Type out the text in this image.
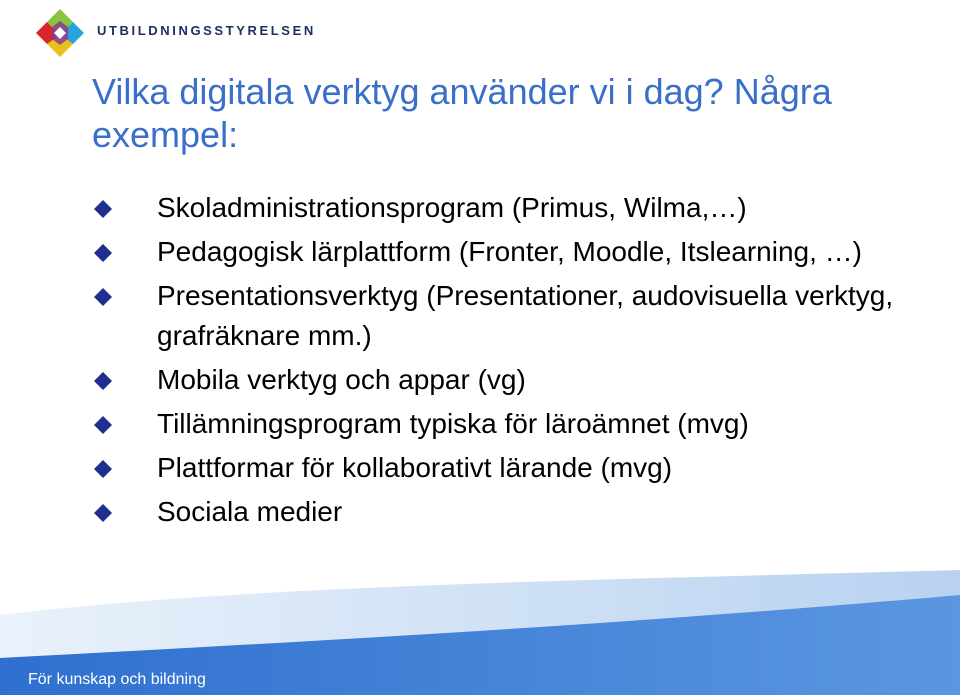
UTBILDNINGSSTYRELSEN
Vilka digitala verktyg använder vi i dag? Några exempel:
Skoladministrationsprogram (Primus, Wilma,…)
Pedagogisk lärplattform (Fronter, Moodle, Itslearning, …)
Presentationsverktyg (Presentationer, audovisuella verktyg, grafräknare mm.)
Mobila verktyg och appar (vg)
Tillämningsprogram typiska för läroämnet (mvg)
Plattformar för kollaborativt lärande (mvg)
Sociala medier
För kunskap och bildning
